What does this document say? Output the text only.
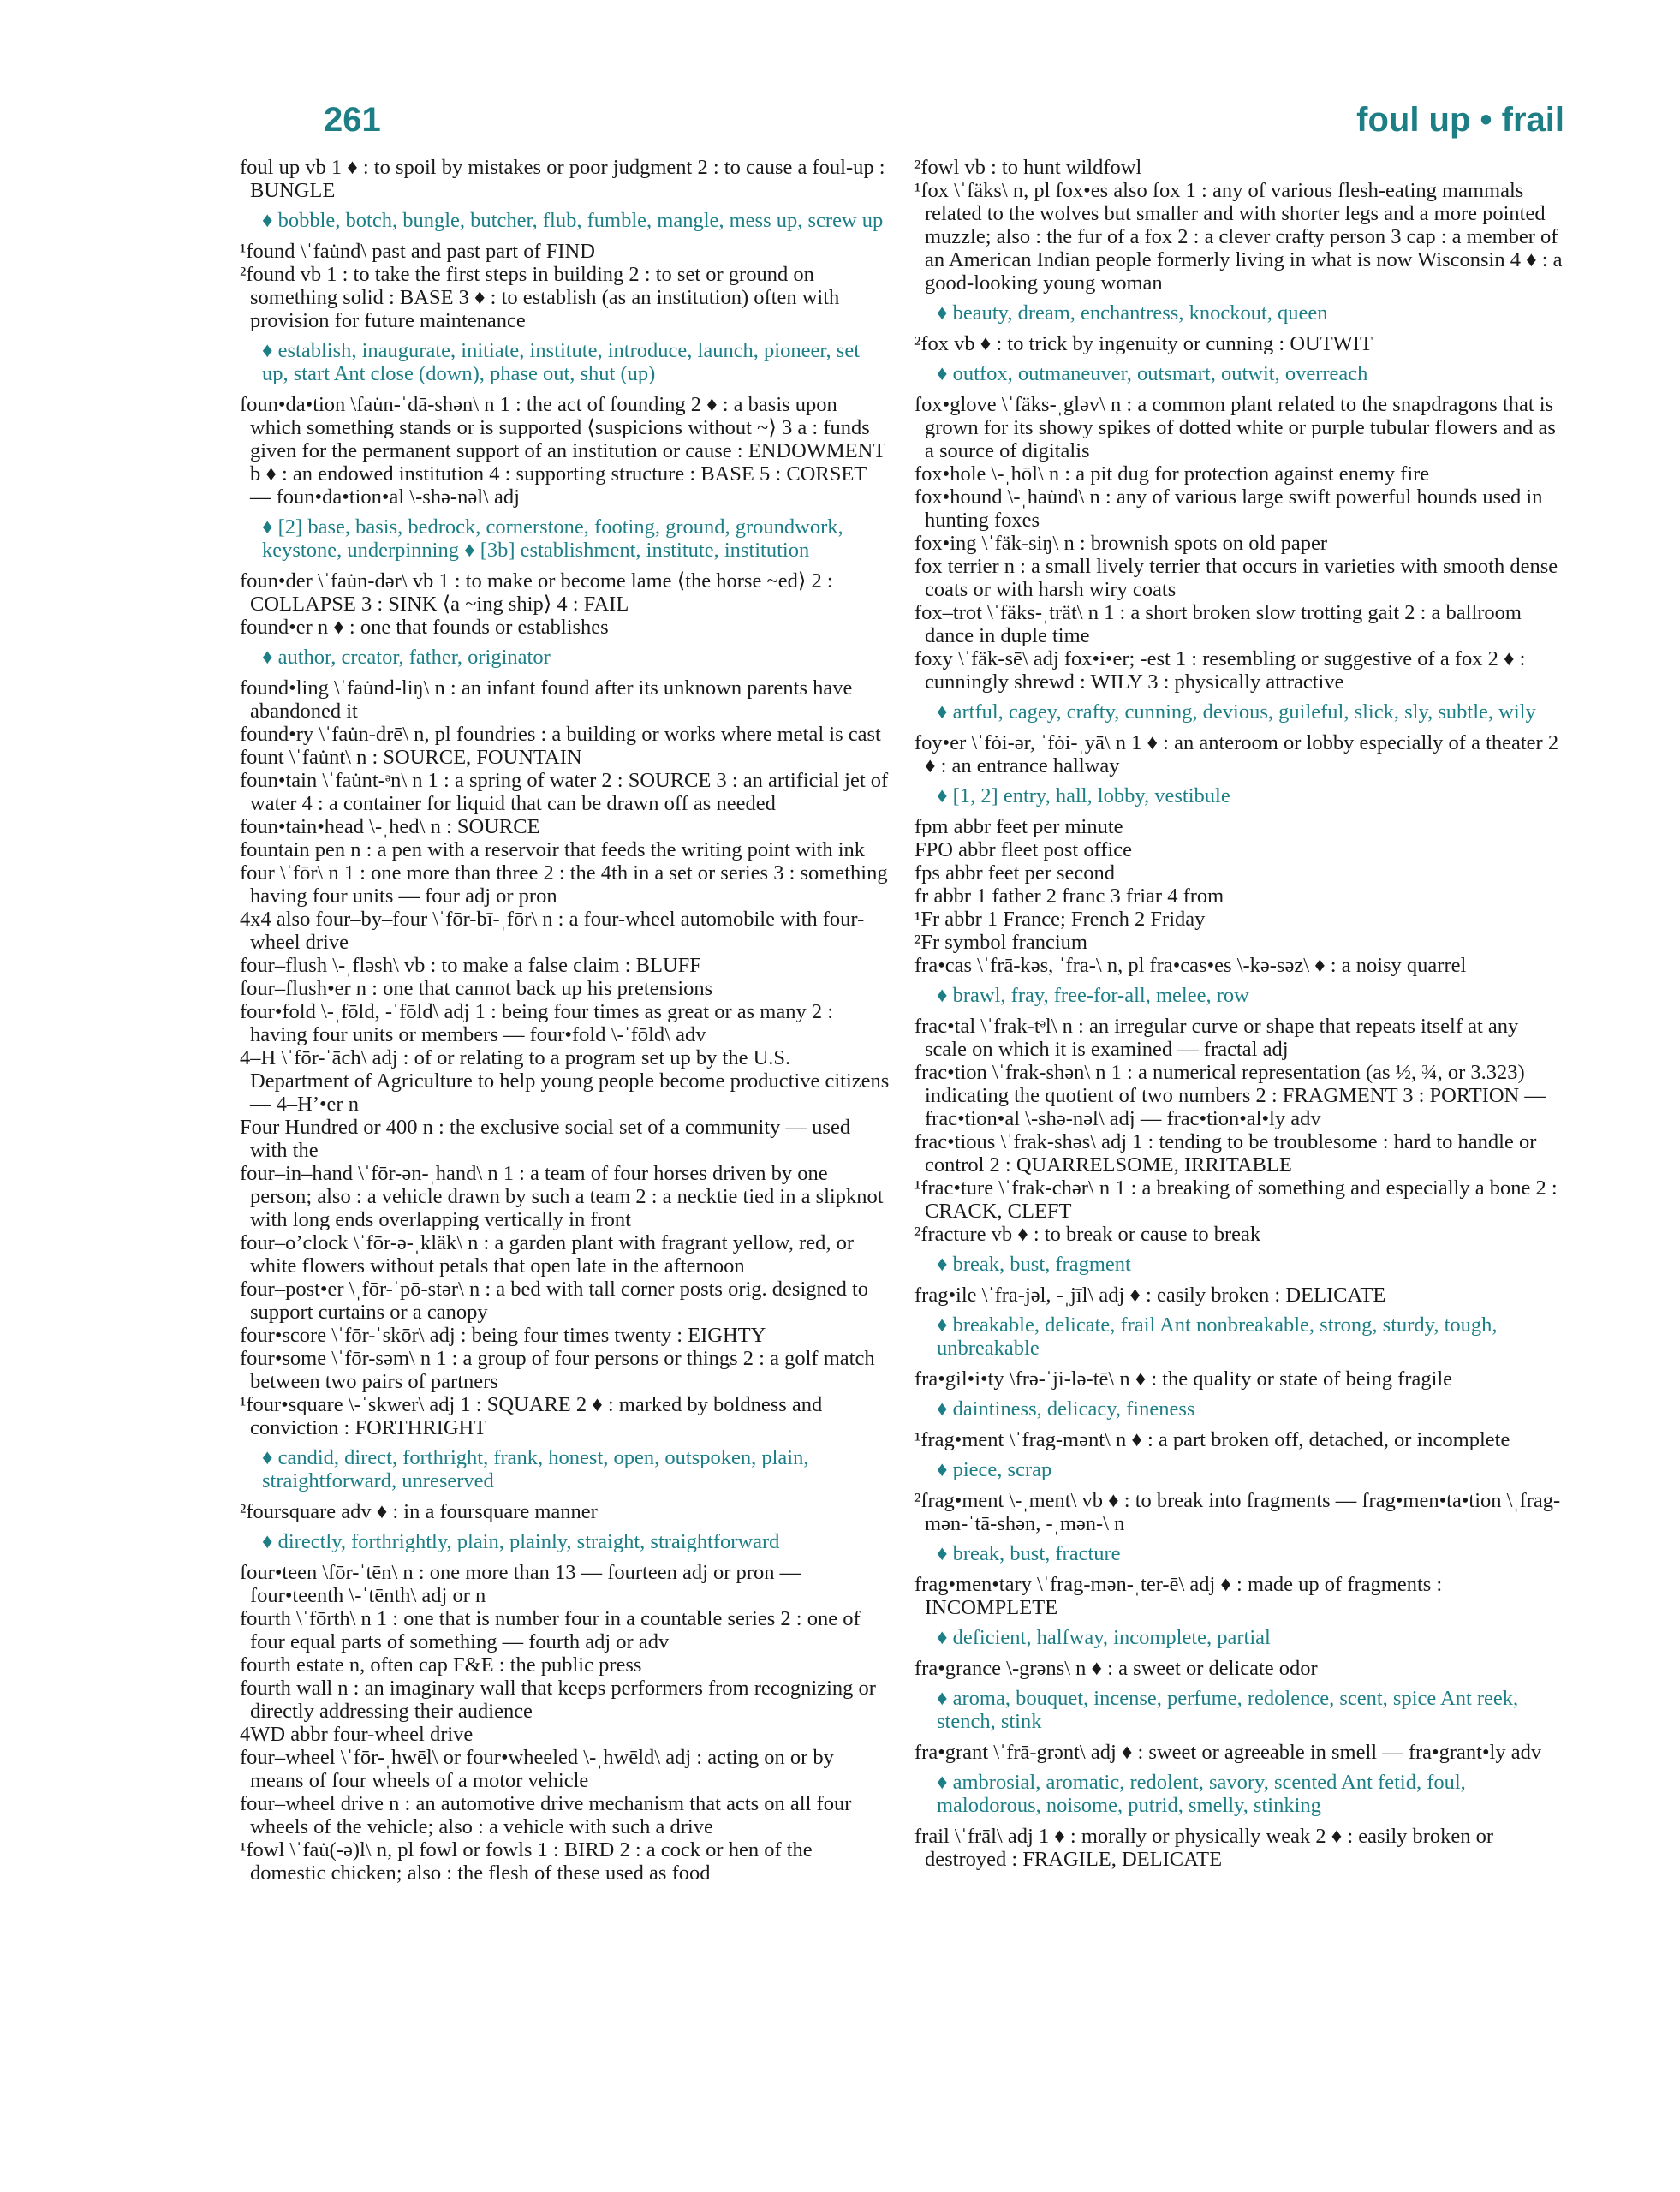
261	foul up • frail

foul up vb 1 ♦ : to spoil by mistakes or poor judgment 2 : to cause a foul-up : BUNGLE

♦ bobble, botch, bungle, butcher, flub, fumble, mangle, mess up, screw up

¹found \ˈfau̇nd\ past and past part of FIND

²found vb 1 : to take the first steps in building 2 : to set or ground on something solid : BASE 3 ♦ : to establish (as an institution) often with provision for future maintenance

♦ establish, inaugurate, initiate, institute, introduce, launch, pioneer, set up, start Ant close (down), phase out, shut (up)

foun•da•tion \fau̇n-ˈdā-shən\ n 1 : the act of founding 2 ♦ : a basis upon which something stands or is supported ⟨suspicions without ~⟩ 3 a : funds given for the permanent support of an institution or cause : ENDOWMENT b ♦ : an endowed institution 4 : supporting structure : BASE 5 : CORSET — foun•da•tion•al \-shə-nəl\ adj

♦ [2] base, basis, bedrock, cornerstone, footing, ground, groundwork, keystone, underpinning ♦ [3b] establishment, institute, institution

foun•der \ˈfau̇n-dər\ vb 1 : to make or become lame ⟨the horse ~ed⟩ 2 : COLLAPSE 3 : SINK ⟨a ~ing ship⟩ 4 : FAIL

found•er n ♦ : one that founds or establishes

♦ author, creator, father, originator

found•ling \ˈfau̇nd-liŋ\ n : an infant found after its unknown parents have abandoned it

found•ry \ˈfau̇n-drē\ n, pl foundries : a building or works where metal is cast

fount \ˈfau̇nt\ n : SOURCE, FOUNTAIN

foun•tain \ˈfau̇nt-ᵊn\ n 1 : a spring of water 2 : SOURCE 3 : an artificial jet of water 4 : a container for liquid that can be drawn off as needed

foun•tain•head \-ˌhed\ n : SOURCE

fountain pen n : a pen with a reservoir that feeds the writing point with ink

four \ˈfōr\ n 1 : one more than three 2 : the 4th in a set or series 3 : something having four units — four adj or pron

4x4 also four–by–four \ˈfōr-bī-ˌfōr\ n : a four-wheel automobile with four-wheel drive

four–flush \-ˌfləsh\ vb : to make a false claim : BLUFF

four–flush•er n : one that cannot back up his pretensions

four•fold \-ˌfōld, -ˈfōld\ adj 1 : being four times as great or as many 2 : having four units or members — four•fold \-ˈfōld\ adv

4–H \ˈfōr-ˈāch\ adj : of or relating to a program set up by the U.S. Department of Agriculture to help young people become productive citizens — 4–H’•er n

Four Hundred or 400 n : the exclusive social set of a community — used with the

four–in–hand \ˈfōr-ən-ˌhand\ n 1 : a team of four horses driven by one person; also : a vehicle drawn by such a team 2 : a necktie tied in a slipknot with long ends overlapping vertically in front

four–o’clock \ˈfōr-ə-ˌkläk\ n : a garden plant with fragrant yellow, red, or white flowers without petals that open late in the afternoon

four–post•er \ˌfōr-ˈpō-stər\ n : a bed with tall corner posts orig. designed to support curtains or a canopy

four•score \ˈfōr-ˈskōr\ adj : being four times twenty : EIGHTY

four•some \ˈfōr-səm\ n 1 : a group of four persons or things 2 : a golf match between two pairs of partners

¹four•square \-ˈskwer\ adj 1 : SQUARE 2 ♦ : marked by boldness and conviction : FORTHRIGHT

♦ candid, direct, forthright, frank, honest, open, outspoken, plain, straightforward, unreserved

²foursquare adv ♦ : in a foursquare manner

♦ directly, forthrightly, plain, plainly, straight, straightforward

four•teen \fōr-ˈtēn\ n : one more than 13 — fourteen adj or pron — four•teenth \-ˈtēnth\ adj or n

fourth \ˈfōrth\ n 1 : one that is number four in a countable series 2 : one of four equal parts of something — fourth adj or adv

fourth estate n, often cap F&E : the public press

fourth wall n : an imaginary wall that keeps performers from recognizing or directly addressing their audience

4WD abbr four-wheel drive

four–wheel \ˈfōr-ˌhwēl\ or four•wheeled \-ˌhwēld\ adj : acting on or by means of four wheels of a motor vehicle

four–wheel drive n : an automotive drive mechanism that acts on all four wheels of the vehicle; also : a vehicle with such a drive

¹fowl \ˈfau̇(-ə)l\ n, pl fowl or fowls 1 : BIRD 2 : a cock or hen of the domestic chicken; also : the flesh of these used as food

²fowl vb : to hunt wildfowl

¹fox \ˈfäks\ n, pl fox•es also fox 1 : any of various flesh-eating mammals related to the wolves but smaller and with shorter legs and a more pointed muzzle; also : the fur of a fox 2 : a clever crafty person 3 cap : a member of an American Indian people formerly living in what is now Wisconsin 4 ♦ : a good-looking young woman

♦ beauty, dream, enchantress, knockout, queen

²fox vb ♦ : to trick by ingenuity or cunning : OUTWIT

♦ outfox, outmaneuver, outsmart, outwit, overreach

fox•glove \ˈfäks-ˌgləv\ n : a common plant related to the snapdragons that is grown for its showy spikes of dotted white or purple tubular flowers and as a source of digitalis

fox•hole \-ˌhōl\ n : a pit dug for protection against enemy fire

fox•hound \-ˌhau̇nd\ n : any of various large swift powerful hounds used in hunting foxes

fox•ing \ˈfäk-siŋ\ n : brownish spots on old paper

fox terrier n : a small lively terrier that occurs in varieties with smooth dense coats or with harsh wiry coats

fox–trot \ˈfäks-ˌträt\ n 1 : a short broken slow trotting gait 2 : a ballroom dance in duple time

foxy \ˈfäk-sē\ adj fox•i•er; -est 1 : resembling or suggestive of a fox 2 ♦ : cunningly shrewd : WILY 3 : physically attractive

♦ artful, cagey, crafty, cunning, devious, guileful, slick, sly, subtle, wily

foy•er \ˈfȯi-ər, ˈfȯi-ˌyā\ n 1 ♦ : an anteroom or lobby especially of a theater 2 ♦ : an entrance hallway

♦ [1, 2] entry, hall, lobby, vestibule

fpm abbr feet per minute

FPO abbr fleet post office

fps abbr feet per second

fr abbr 1 father 2 franc 3 friar 4 from

¹Fr abbr 1 France; French 2 Friday

²Fr symbol francium

fra•cas \ˈfrā-kəs, ˈfra-\ n, pl fra•cas•es \-kə-səz\ ♦ : a noisy quarrel

♦ brawl, fray, free-for-all, melee, row

frac•tal \ˈfrak-tᵊl\ n : an irregular curve or shape that repeats itself at any scale on which it is examined — fractal adj

frac•tion \ˈfrak-shən\ n 1 : a numerical representation (as ½, ¾, or 3.323) indicating the quotient of two numbers 2 : FRAGMENT 3 : PORTION — frac•tion•al \-shə-nəl\ adj — frac•tion•al•ly adv

frac•tious \ˈfrak-shəs\ adj 1 : tending to be troublesome : hard to handle or control 2 : QUARRELSOME, IRRITABLE

¹frac•ture \ˈfrak-chər\ n 1 : a breaking of something and especially a bone 2 : CRACK, CLEFT

²fracture vb ♦ : to break or cause to break

♦ break, bust, fragment

frag•ile \ˈfra-jəl, -ˌjīl\ adj ♦ : easily broken : DELICATE

♦ breakable, delicate, frail Ant nonbreakable, strong, sturdy, tough, unbreakable

fra•gil•i•ty \frə-ˈji-lə-tē\ n ♦ : the quality or state of being fragile

♦ daintiness, delicacy, fineness

¹frag•ment \ˈfrag-mənt\ n ♦ : a part broken off, detached, or incomplete

♦ piece, scrap

²frag•ment \-ˌment\ vb ♦ : to break into fragments — frag•men•ta•tion \ˌfrag-mən-ˈtā-shən, -ˌmən-\ n

♦ break, bust, fracture

frag•men•tary \ˈfrag-mən-ˌter-ē\ adj ♦ : made up of fragments : INCOMPLETE

♦ deficient, halfway, incomplete, partial

fra•grance \-grəns\ n ♦ : a sweet or delicate odor

♦ aroma, bouquet, incense, perfume, redolence, scent, spice Ant reek, stench, stink

fra•grant \ˈfrā-grənt\ adj ♦ : sweet or agreeable in smell — fra•grant•ly adv

♦ ambrosial, aromatic, redolent, savory, scented Ant fetid, foul, malodorous, noisome, putrid, smelly, stinking

frail \ˈfrāl\ adj 1 ♦ : morally or physically weak 2 ♦ : easily broken or destroyed : FRAGILE, DELICATE
